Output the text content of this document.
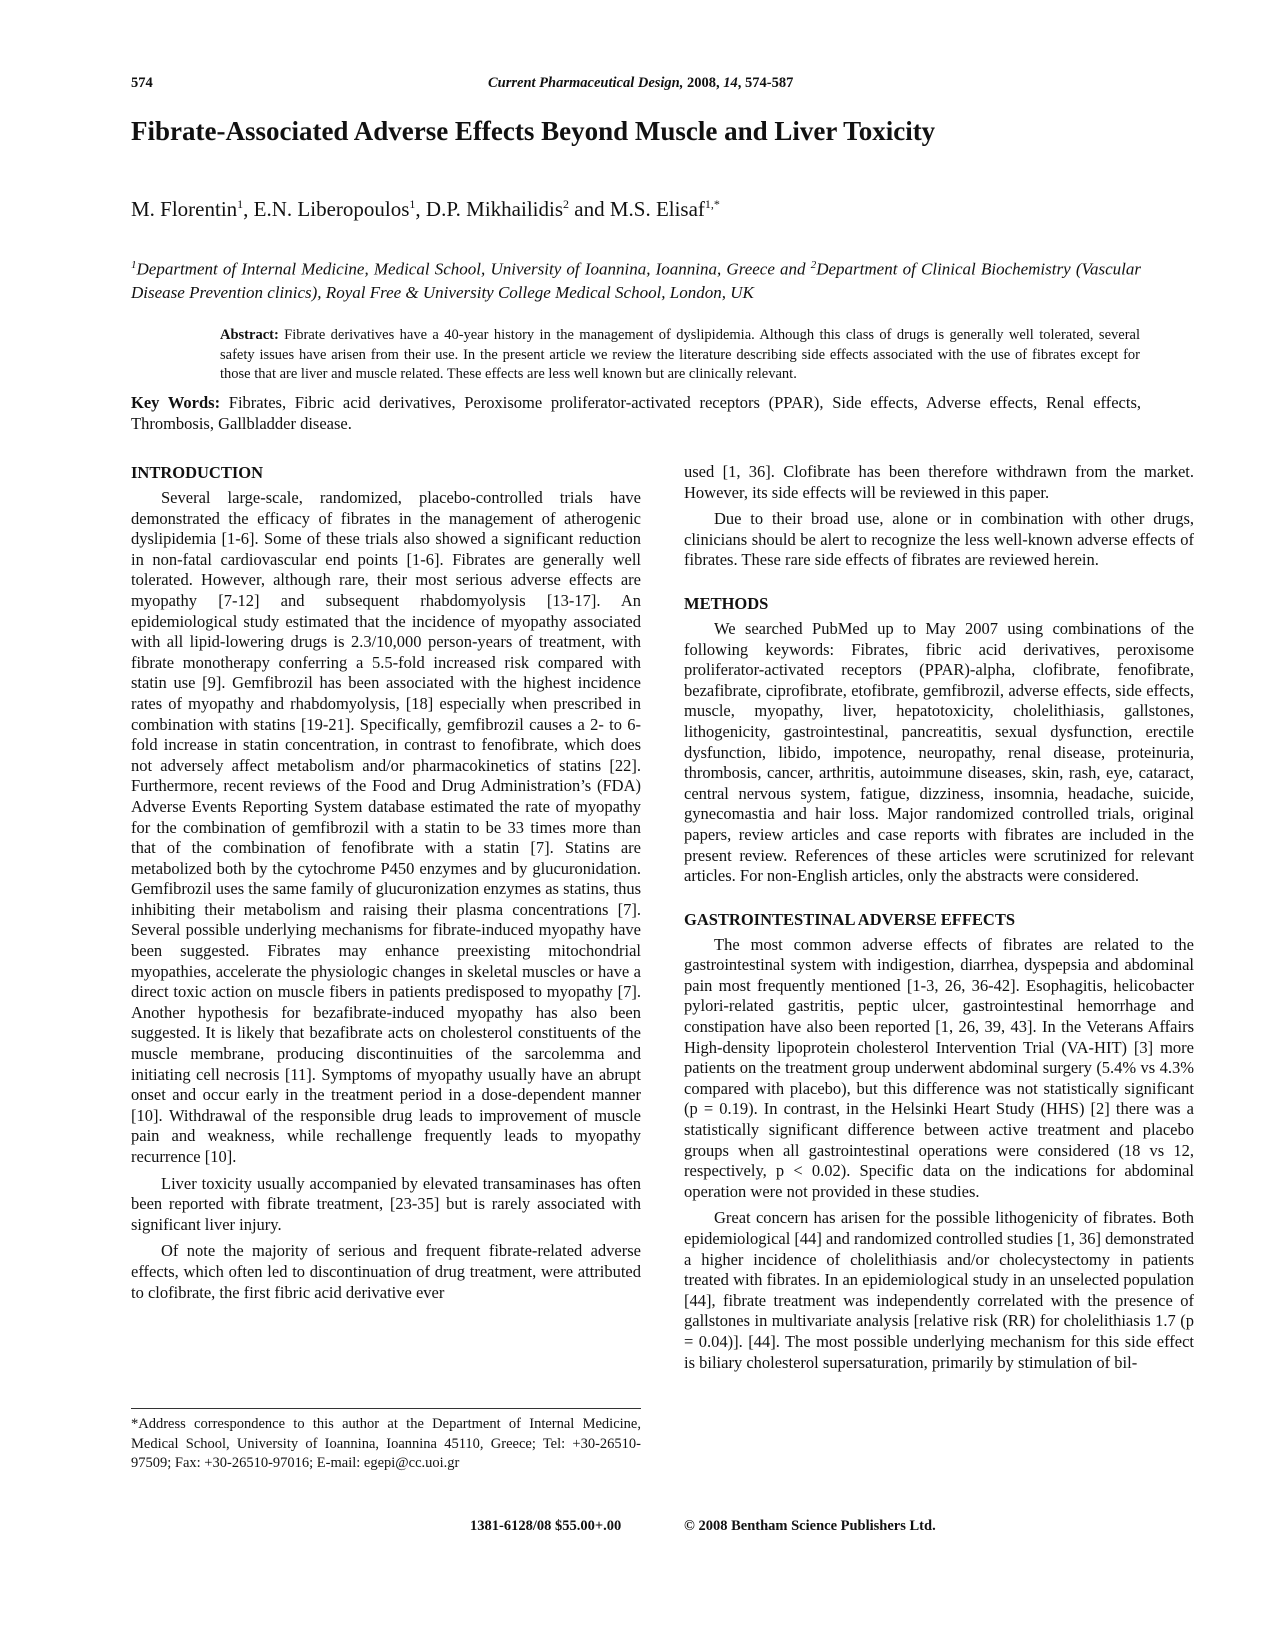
574	Current Pharmaceutical Design, 2008, 14, 574-587
Fibrate-Associated Adverse Effects Beyond Muscle and Liver Toxicity
M. Florentin$^1$, E.N. Liberopoulos$^1$, D.P. Mikhailidis$^2$ and M.S. Elisaf$^{1,*}$
$^1$Department of Internal Medicine, Medical School, University of Ioannina, Ioannina, Greece and $^2$Department of Clinical Biochemistry (Vascular Disease Prevention clinics), Royal Free & University College Medical School, London, UK
Abstract: Fibrate derivatives have a 40-year history in the management of dyslipidemia. Although this class of drugs is generally well tolerated, several safety issues have arisen from their use. In the present article we review the literature describing side effects associated with the use of fibrates except for those that are liver and muscle related. These effects are less well known but are clinically relevant.
Key Words: Fibrates, Fibric acid derivatives, Peroxisome proliferator-activated receptors (PPAR), Side effects, Adverse effects, Renal effects, Thrombosis, Gallbladder disease.
INTRODUCTION

Several large-scale, randomized, placebo-controlled trials have demonstrated the efficacy of fibrates in the management of atherogenic dyslipidemia [1-6]. Some of these trials also showed a significant reduction in non-fatal cardiovascular end points [1-6]. Fibrates are generally well tolerated. However, although rare, their most serious adverse effects are myopathy [7-12] and subsequent rhabdomyolysis [13-17]. An epidemiological study estimated that the incidence of myopathy associated with all lipid-lowering drugs is 2.3/10,000 person-years of treatment, with fibrate monotherapy conferring a 5.5-fold increased risk compared with statin use [9]. Gemfibrozil has been associated with the highest incidence rates of myopathy and rhabdomyolysis, [18] especially when prescribed in combination with statins [19-21]. Specifically, gemfibrozil causes a 2- to 6-fold increase in statin concentration, in contrast to fenofibrate, which does not adversely affect metabolism and/or pharmacokinetics of statins [22]. Furthermore, recent reviews of the Food and Drug Administration’s (FDA) Adverse Events Reporting System database estimated the rate of myopathy for the combination of gemfibrozil with a statin to be 33 times more than that of the combination of fenofibrate with a statin [7]. Statins are metabolized both by the cytochrome P450 enzymes and by glucuronidation. Gemfibrozil uses the same family of glucuronization enzymes as statins, thus inhibiting their metabolism and raising their plasma concentrations [7]. Several possible underlying mechanisms for fibrate-induced myopathy have been suggested. Fibrates may enhance preexisting mitochondrial myopathies, accelerate the physiologic changes in skeletal muscles or have a direct toxic action on muscle fibers in patients predisposed to myopathy [7]. Another hypothesis for bezafibrate-induced myopathy has also been suggested. It is likely that bezafibrate acts on cholesterol constituents of the muscle membrane, producing discontinuities of the sarcolemma and initiating cell necrosis [11]. Symptoms of myopathy usually have an abrupt onset and occur early in the treatment period in a dose-dependent manner [10]. Withdrawal of the responsible drug leads to improvement of muscle pain and weakness, while rechallenge frequently leads to myopathy recurrence [10].

Liver toxicity usually accompanied by elevated transaminases has often been reported with fibrate treatment, [23-35] but is rarely associated with significant liver injury.

Of note the majority of serious and frequent fibrate-related adverse effects, which often led to discontinuation of drug treatment, were attributed to clofibrate, the first fibric acid derivative ever

used [1, 36]. Clofibrate has been therefore withdrawn from the market. However, its side effects will be reviewed in this paper.

Due to their broad use, alone or in combination with other drugs, clinicians should be alert to recognize the less well-known adverse effects of fibrates. These rare side effects of fibrates are reviewed herein.

METHODS

We searched PubMed up to May 2007 using combinations of the following keywords: Fibrates, fibric acid derivatives, peroxisome proliferator-activated receptors (PPAR)-alpha, clofibrate, fenofibrate, bezafibrate, ciprofibrate, etofibrate, gemfibrozil, adverse effects, side effects, muscle, myopathy, liver, hepatotoxicity, cholelithiasis, gallstones, lithogenicity, gastrointestinal, pancreatitis, sexual dysfunction, erectile dysfunction, libido, impotence, neuropathy, renal disease, proteinuria, thrombosis, cancer, arthritis, autoimmune diseases, skin, rash, eye, cataract, central nervous system, fatigue, dizziness, insomnia, headache, suicide, gynecomastia and hair loss. Major randomized controlled trials, original papers, review articles and case reports with fibrates are included in the present review. References of these articles were scrutinized for relevant articles. For non-English articles, only the abstracts were considered.

GASTROINTESTINAL ADVERSE EFFECTS

The most common adverse effects of fibrates are related to the gastrointestinal system with indigestion, diarrhea, dyspepsia and abdominal pain most frequently mentioned [1-3, 26, 36-42]. Esophagitis, helicobacter pylori-related gastritis, peptic ulcer, gastrointestinal hemorrhage and constipation have also been reported [1, 26, 39, 43]. In the Veterans Affairs High-density lipoprotein cholesterol Intervention Trial (VA-HIT) [3] more patients on the treatment group underwent abdominal surgery (5.4% vs 4.3% compared with placebo), but this difference was not statistically significant (p = 0.19). In contrast, in the Helsinki Heart Study (HHS) [2] there was a statistically significant difference between active treatment and placebo groups when all gastrointestinal operations were considered (18 vs 12, respectively, p < 0.02). Specific data on the indications for abdominal operation were not provided in these studies.

Great concern has arisen for the possible lithogenicity of fibrates. Both epidemiological [44] and randomized controlled studies [1, 36] demonstrated a higher incidence of cholelithiasis and/or cholecystectomy in patients treated with fibrates. In an epidemiological study in an unselected population [44], fibrate treatment was independently correlated with the presence of gallstones in multivariate analysis [relative risk (RR) for cholelithiasis 1.7 (p = 0.04)]. [44]. The most possible underlying mechanism for this side effect is biliary cholesterol supersaturation, primarily by stimulation of bil-

*Address correspondence to this author at the Department of Internal Medicine, Medical School, University of Ioannina, Ioannina 45110, Greece; Tel: +30-26510-97509; Fax: +30-26510-97016; E-mail: egepi@cc.uoi.gr
1381-6128/08 $55.00+.00	© 2008 Bentham Science Publishers Ltd.
